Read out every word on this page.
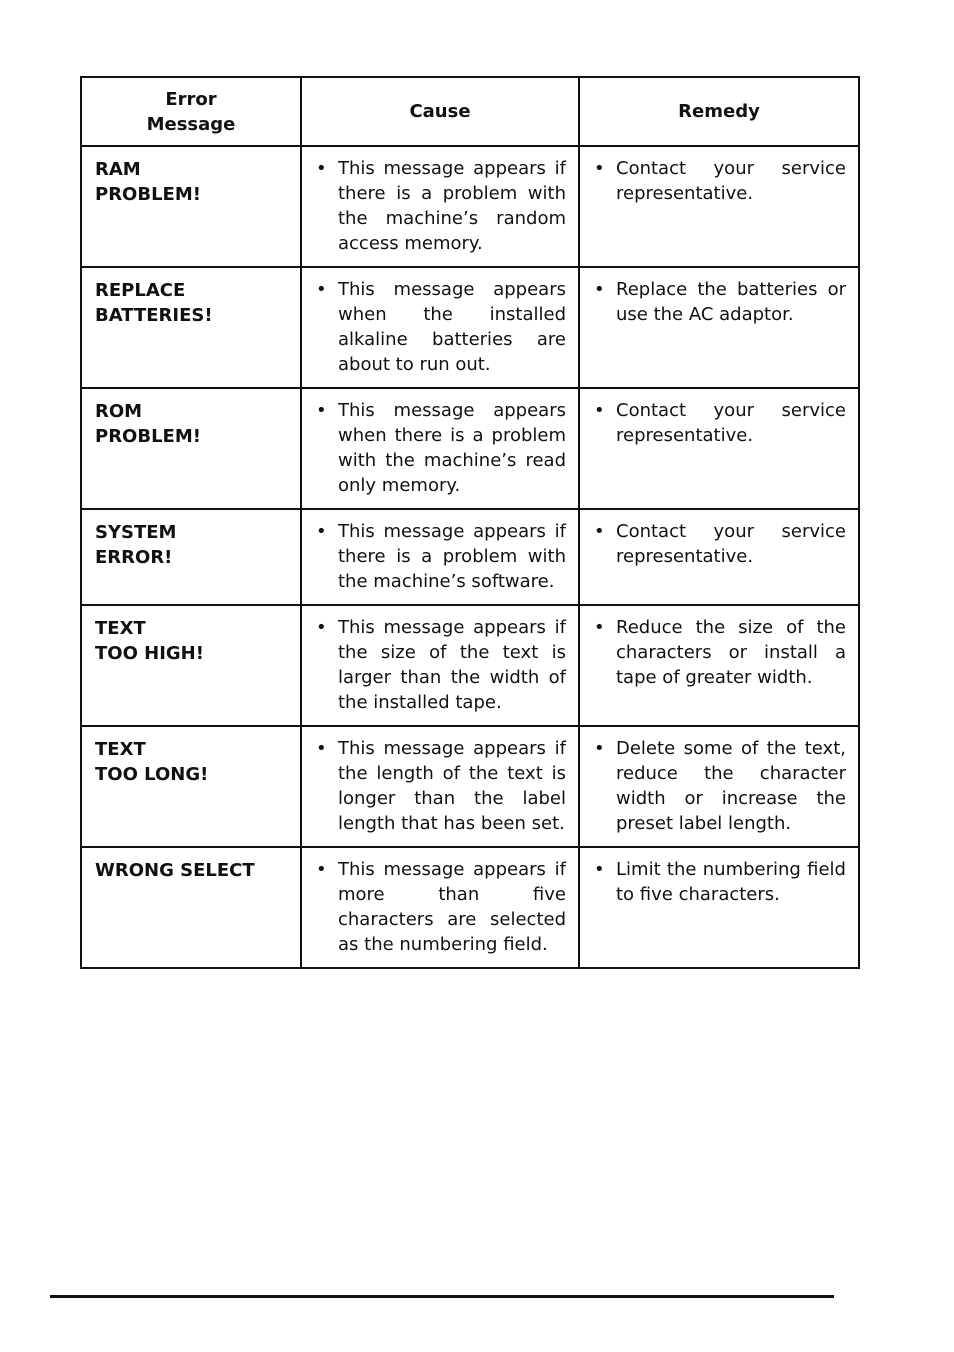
Error
Message	Cause	Remedy

RAM
PROBLEM!	• This message appears if there is a problem with the machine’s random access memory.	• Contact your service representative.

REPLACE
BATTERIES!	• This message appears when the installed alkaline batteries are about to run out.	• Replace the batteries or use the AC adaptor.

ROM
PROBLEM!	• This message appears when there is a problem with the machine’s read only memory.	• Contact your service representative.

SYSTEM
ERROR!	• This message appears if there is a problem with the machine’s software.	• Contact your service representative.

TEXT
TOO HIGH!	• This message appears if the size of the text is larger than the width of the installed tape.	• Reduce the size of the characters or install a tape of greater width.

TEXT
TOO LONG!	• This message appears if the length of the text is longer than the label length that has been set.	• Delete some of the text, reduce the character width or increase the preset label length.

WRONG SELECT	• This message appears if more than five characters are selected as the numbering field.	• Limit the numbering field to five characters.
